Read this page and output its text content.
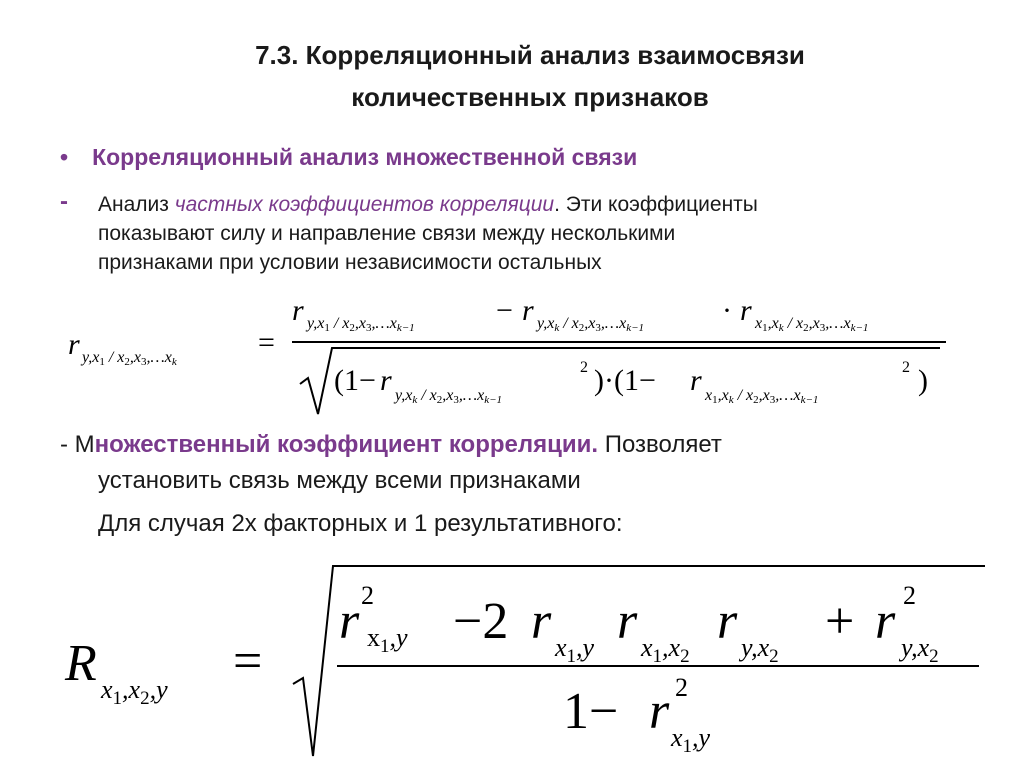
7.3. Корреляционный анализ взаимосвязи
количественных признаков
• Корреляционный анализ множественной связи
- Анализ частных коэффициентов корреляции. Эти коэффициенты
показывают силу и направление связи между несколькими
признаками при условии независимости остальных
r y,x1 / x2,x3,…xk
=
r y,x1 / x2,x3,…xk−1
− r y,xk / x2,x3,…xk−1
· r x1,xk / x2,x3,…xk−1
(1− r y,xk / x2,x3,…xk−1
2 )·(1− r x1,xk / x2,x3,…xk−1
2 )
- Множественный коэффициент корреляции. Позволяет
установить связь между всеми признаками
Для случая 2х факторных и 1 результативного:
R $x_1,x_2,y$ =
r 2
$x_1,y -2$ r $x_1,y$ r $x_1,x_2$
r $y,x_2$
+ r 2
$y,x_2$
1− r 2
$x_1,y$
